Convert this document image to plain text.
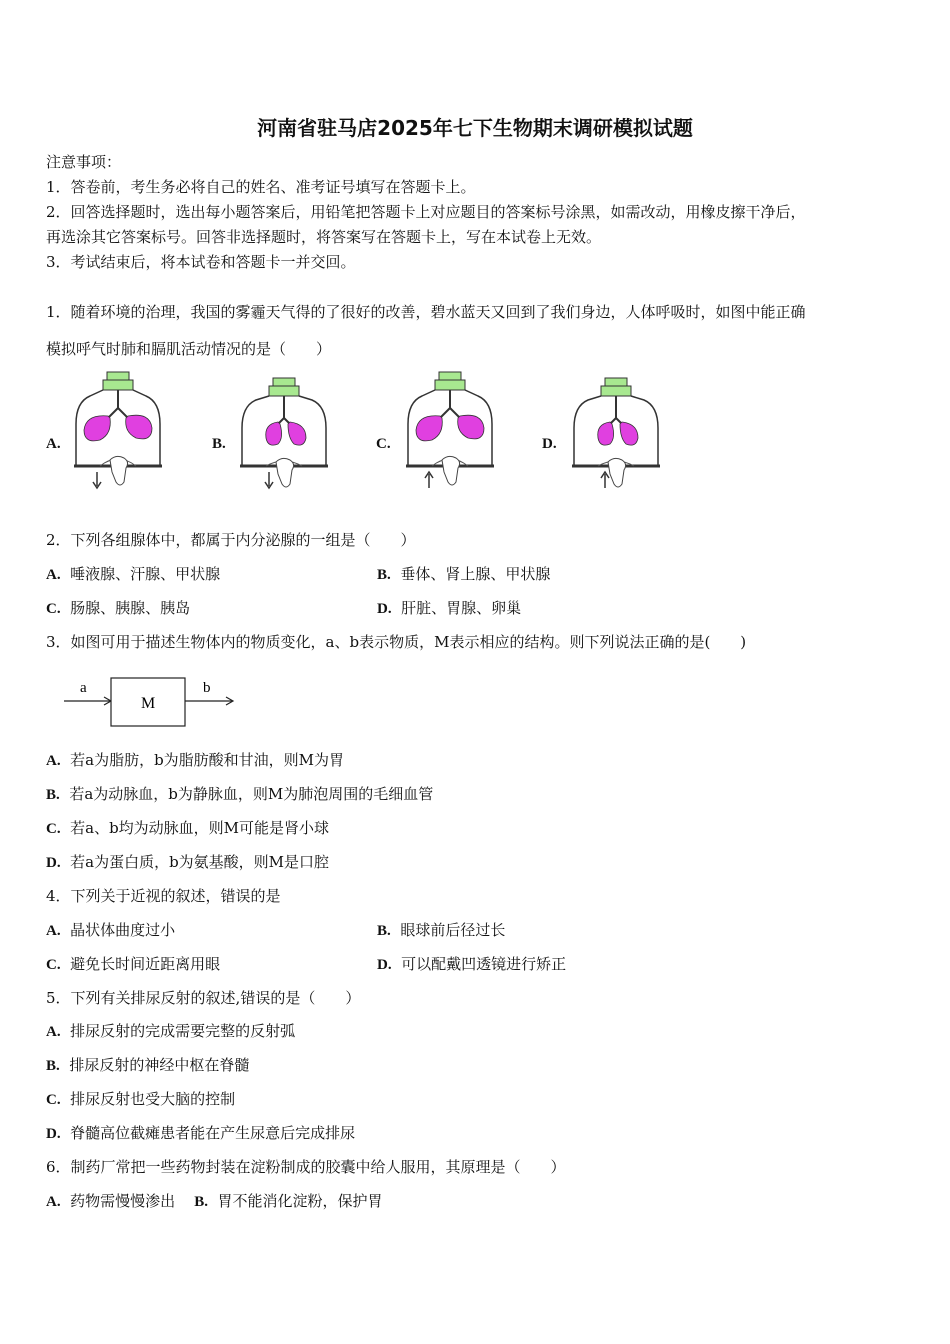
河南省驻马店2025年七下生物期末调研模拟试题
注意事项：
1．答卷前，考生务必将自己的姓名、准考证号填写在答题卡上。
2．回答选择题时，选出每小题答案后，用铅笔把答题卡上对应题目的答案标号涂黑，如需改动，用橡皮擦干净后，
再选涂其它答案标号。回答非选择题时，将答案写在答题卡上，写在本试卷上无效。
3．考试结束后，将本试卷和答题卡一并交回。
1．随着环境的治理，我国的雾霾天气得的了很好的改善，碧水蓝天又回到了我们身边，人体呼吸时，如图中能正确
模拟呼气时肺和膈肌活动情况的是（　　）
A.	B.	C.	D.
2．下列各组腺体中，都属于内分泌腺的一组是（　　）
A. 唾液腺、汗腺、甲状腺	B. 垂体、肾上腺、甲状腺
C. 肠腺、胰腺、胰岛	D. 肝脏、胃腺、卵巢
3．如图可用于描述生物体内的物质变化，a、b表示物质，M表示相应的结构。则下列说法正确的是(　　)
a
M
b
A. 若a为脂肪，b为脂肪酸和甘油，则M为胃
B. 若a为动脉血，b为静脉血，则M为肺泡周围的毛细血管
C. 若a、b均为动脉血，则M可能是肾小球
D. 若a为蛋白质，b为氨基酸，则M是口腔
4．下列关于近视的叙述，错误的是
A. 晶状体曲度过小	B. 眼球前后径过长
C. 避免长时间近距离用眼	D. 可以配戴凹透镜进行矫正
5．下列有关排尿反射的叙述,错误的是（　　）
A. 排尿反射的完成需要完整的反射弧
B. 排尿反射的神经中枢在脊髓
C. 排尿反射也受大脑的控制
D. 脊髓高位截瘫患者能在产生尿意后完成排尿
6．制药厂常把一些药物封装在淀粉制成的胶囊中给人服用，其原理是（　　）
A. 药物需慢慢渗出 B. 胃不能消化淀粉，保护胃
